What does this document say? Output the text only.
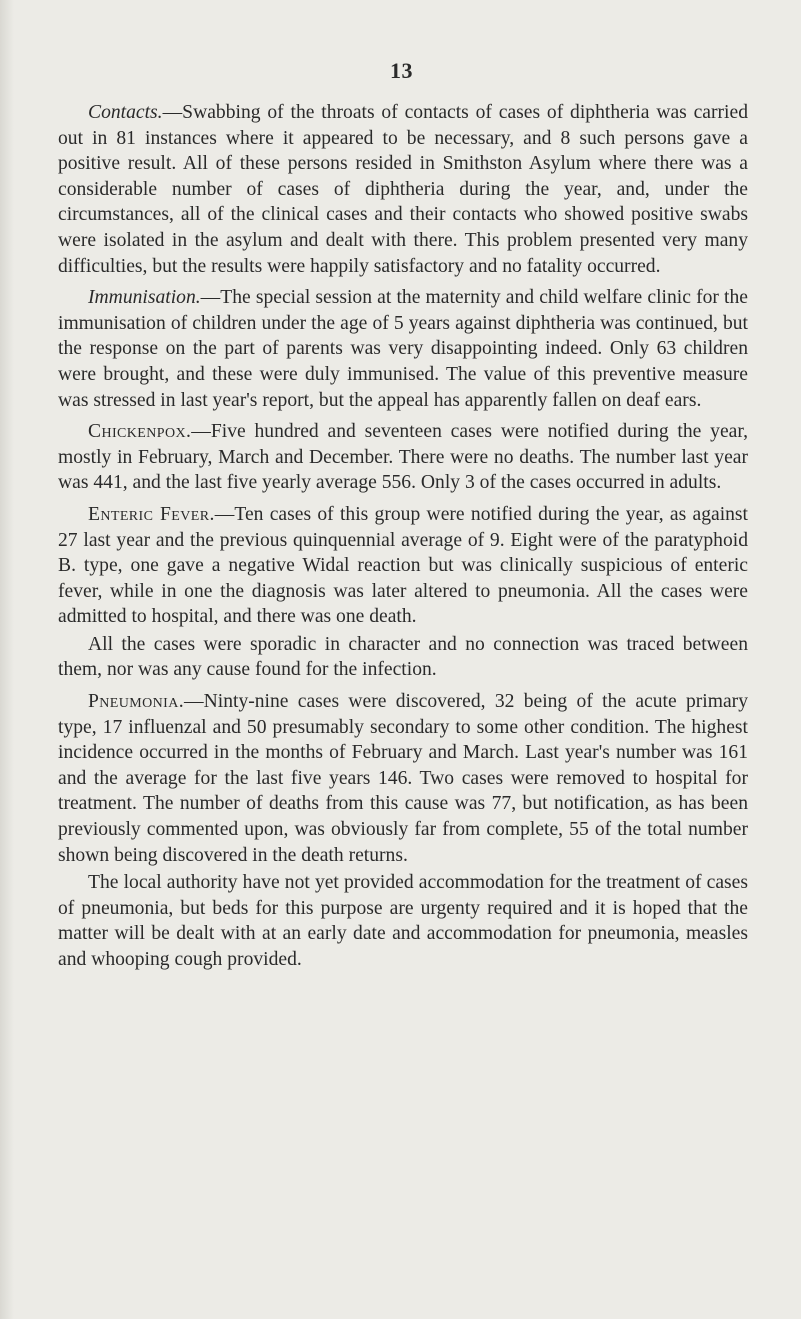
13

Contacts.—Swabbing of the throats of contacts of cases of diphtheria was carried out in 81 instances where it appeared to be necessary, and 8 such persons gave a positive result. All of these persons resided in Smithston Asylum where there was a considerable number of cases of diphtheria during the year, and, under the circumstances, all of the clinical cases and their contacts who showed positive swabs were isolated in the asylum and dealt with there. This problem presented very many difficulties, but the results were happily satisfactory and no fatality occurred.

Immunisation.—The special session at the maternity and child welfare clinic for the immunisation of children under the age of 5 years against diphtheria was continued, but the response on the part of parents was very disappointing indeed. Only 63 children were brought, and these were duly immunised. The value of this preventive measure was stressed in last year's report, but the appeal has apparently fallen on deaf ears.

Chickenpox.—Five hundred and seventeen cases were notified during the year, mostly in February, March and December. There were no deaths. The number last year was 441, and the last five yearly average 556. Only 3 of the cases occurred in adults.

Enteric Fever.—Ten cases of this group were notified during the year, as against 27 last year and the previous quinquennial average of 9. Eight were of the paratyphoid B. type, one gave a negative Widal reaction but was clinically suspicious of enteric fever, while in one the diagnosis was later altered to pneumonia. All the cases were admitted to hospital, and there was one death.

All the cases were sporadic in character and no connection was traced between them, nor was any cause found for the infection.

Pneumonia.—Ninty-nine cases were discovered, 32 being of the acute primary type, 17 influenzal and 50 presumably secondary to some other condition. The highest incidence occurred in the months of February and March. Last year's number was 161 and the average for the last five years 146. Two cases were removed to hospital for treatment. The number of deaths from this cause was 77, but notification, as has been previously commented upon, was obviously far from complete, 55 of the total number shown being discovered in the death returns.

The local authority have not yet provided accommodation for the treatment of cases of pneumonia, but beds for this purpose are urgenty required and it is hoped that the matter will be dealt with at an early date and accommodation for pneumonia, measles and whooping cough provided.
